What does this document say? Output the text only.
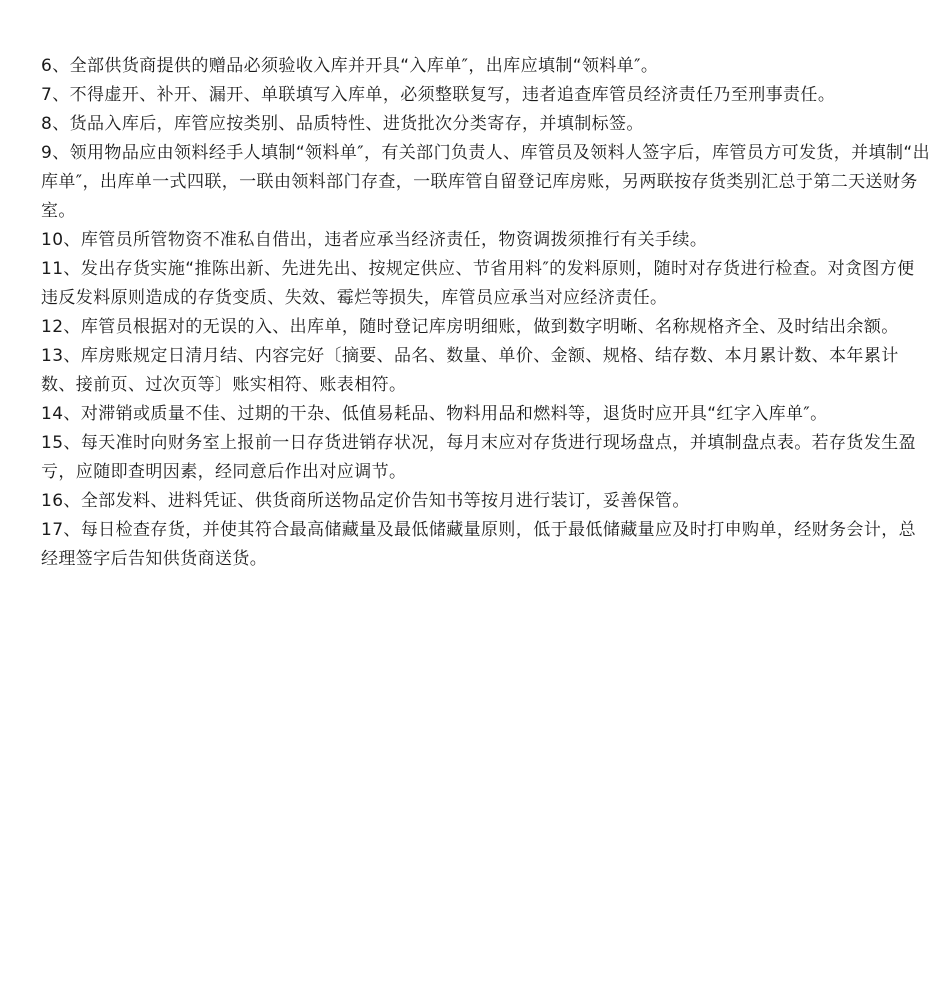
6、全部供货商提供的赠品必须验收入库并开具“入库单″，出库应填制“领料单″。

7、不得虚开、补开、漏开、单联填写入库单，必须整联复写，违者追查库管员经济责任乃至刑事责任。

8、货品入库后，库管应按类别、品质特性、进货批次分类寄存，并填制标签。

9、领用物品应由领料经手人填制“领料单″，有关部门负责人、库管员及领料人签字后，库管员方可发货，并填制“出库单″，出库单一式四联，一联由领料部门存查，一联库管自留登记库房账，另两联按存货类别汇总于第二天送财务室。

10、库管员所管物资不准私自借出，违者应承当经济责任，物资调拨须推行有关手续。

11、发出存货实施“推陈出新、先进先出、按规定供应、节省用料″的发料原则，随时对存货进行检查。对贪图方便违反发料原则造成的存货变质、失效、霉烂等损失，库管员应承当对应经济责任。

12、库管员根据对的无误的入、出库单，随时登记库房明细账，做到数字明晰、名称规格齐全、及时结出余额。

13、库房账规定日清月结、内容完好〔摘要、品名、数量、单价、金额、规格、结存数、本月累计数、本年累计数、接前页、过次页等〕账实相符、账表相符。

14、对滞销或质量不佳、过期的干杂、低值易耗品、物料用品和燃料等，退货时应开具“红字入库单″。

15、每天准时向财务室上报前一日存货进销存状况，每月末应对存货进行现场盘点，并填制盘点表。若存货发生盈亏，应随即查明因素，经同意后作出对应调节。

16、全部发料、进料凭证、供货商所送物品定价告知书等按月进行装订，妥善保管。

17、每日检查存货，并使其符合最高储藏量及最低储藏量原则，低于最低储藏量应及时打申购单，经财务会计，总经理签字后告知供货商送货。
